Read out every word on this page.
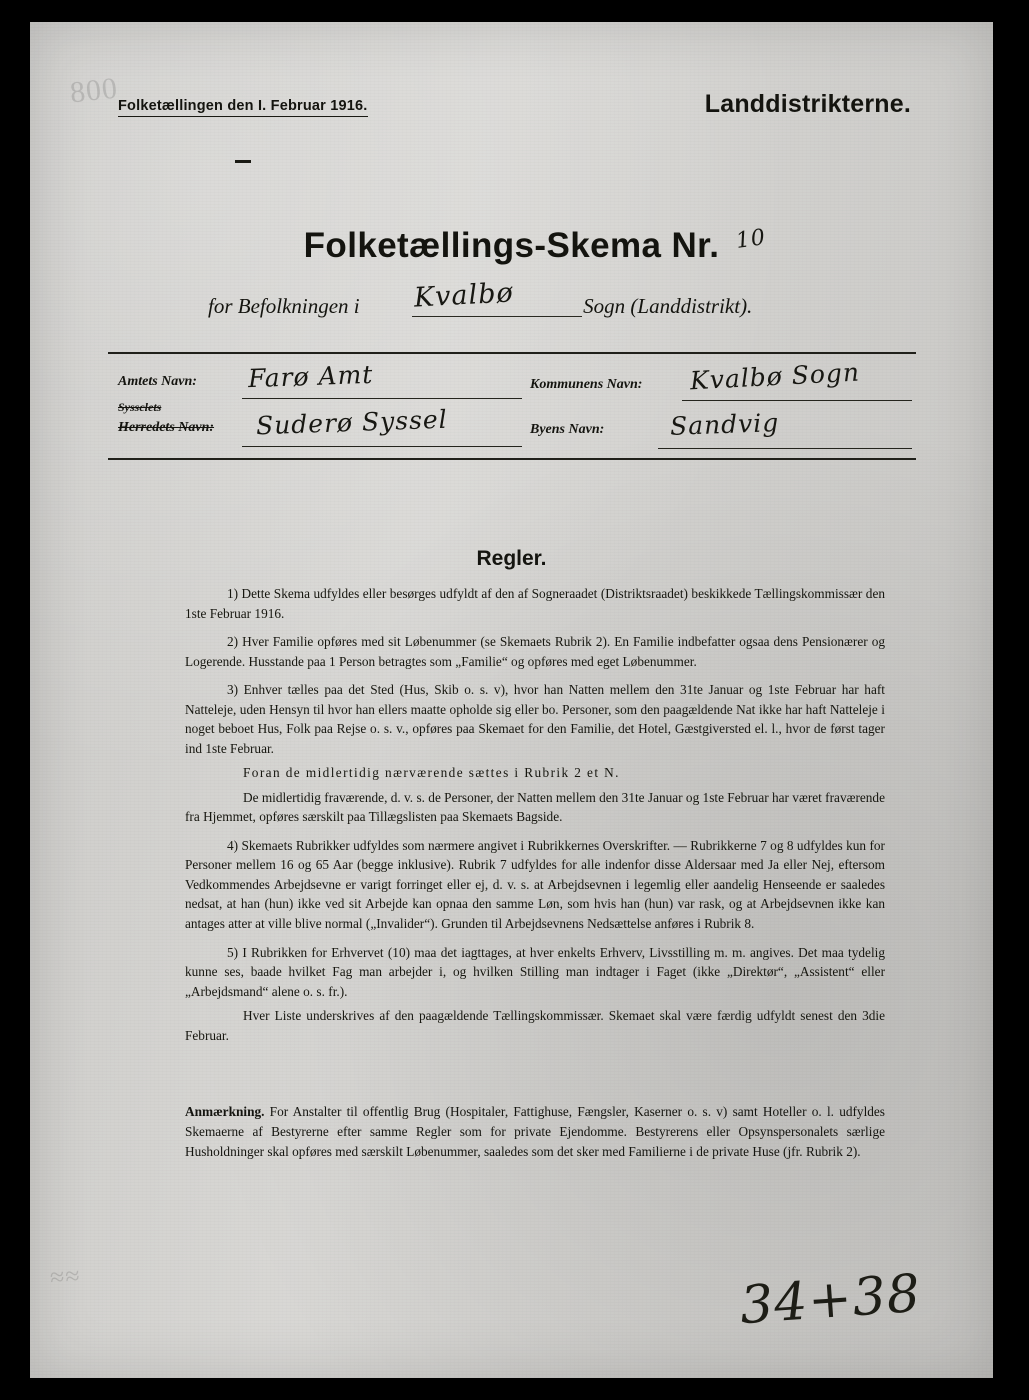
800
≈≈
Folketællingen den I. Februar 1916.	Landdistrikterne.
Folketællings-Skema Nr. 10
for Befolkningen i	Sogn (Landdistrikt).
Kvalbø
Amtets Navn: Farø Amt
Syssclets
Herredets Navn: Suderø Syssel
Kommunens Navn: Kvalbø Sogn
Byens Navn:	Sandvig
Regler.

1) Dette Skema udfyldes eller besørges udfyldt af den af Sogneraadet (Distriktsraadet) beskikkede Tællingskommissær den 1ste Februar 1916.

2) Hver Familie opføres med sit Løbenummer (se Skemaets Rubrik 2). En Familie indbefatter ogsaa dens Pensionærer og Logerende. Husstande paa 1 Person betragtes som „Familie“ og opføres med eget Løbenummer.

3) Enhver tælles paa det Sted (Hus, Skib o. s. v), hvor han Natten mellem den 31te Januar og 1ste Februar har haft Natteleje, uden Hensyn til hvor han ellers maatte opholde sig eller bo. Personer, som den paagældende Nat ikke har haft Natteleje i noget beboet Hus, Folk paa Rejse o. s. v., opføres paa Skemaet for den Familie, det Hotel, Gæstgiversted el. l., hvor de først tager ind 1ste Februar.

Foran de midlertidig nærværende sættes i Rubrik 2 et N.

De midlertidig fraværende, d. v. s. de Personer, der Natten mellem den 31te Januar og 1ste Februar har været fraværende fra Hjemmet, opføres særskilt paa Tillægslisten paa Skemaets Bagside.

4) Skemaets Rubrikker udfyldes som nærmere angivet i Rubrikkernes Overskrifter. — Rubrikkerne 7 og 8 udfyldes kun for Personer mellem 16 og 65 Aar (begge inklusive). Rubrik 7 udfyldes for alle indenfor disse Aldersaar med Ja eller Nej, eftersom Vedkommendes Arbejdsevne er varigt forringet eller ej, d. v. s. at Arbejdsevnen i legemlig eller aandelig Henseende er saaledes nedsat, at han (hun) ikke ved sit Arbejde kan opnaa den samme Løn, som hvis han (hun) var rask, og at Arbejdsevnen ikke kan antages atter at ville blive normal („Invalider“). Grunden til Arbejdsevnens Nedsættelse anføres i Rubrik 8.

5) I Rubrikken for Erhvervet (10) maa det iagttages, at hver enkelts Erhverv, Livsstilling m. m. angives. Det maa tydelig kunne ses, baade hvilket Fag man arbejder i, og hvilken Stilling man indtager i Faget (ikke „Direktør“, „Assistent“ eller „Arbejdsmand“ alene o. s. fr.).

Hver Liste underskrives af den paagældende Tællingskommissær. Skemaet skal være færdig udfyldt senest den 3die Februar.

Anmærkning. For Anstalter til offentlig Brug (Hospitaler, Fattighuse, Fængsler, Kaserner o. s. v) samt Hoteller o. l. udfyldes Skemaerne af Bestyrerne efter samme Regler som for private Ejendomme. Bestyrerens eller Opsynspersonalets særlige Husholdninger skal opføres med særskilt Løbenummer, saaledes som det sker med Familierne i de private Huse (jfr. Rubrik 2).
34+38
